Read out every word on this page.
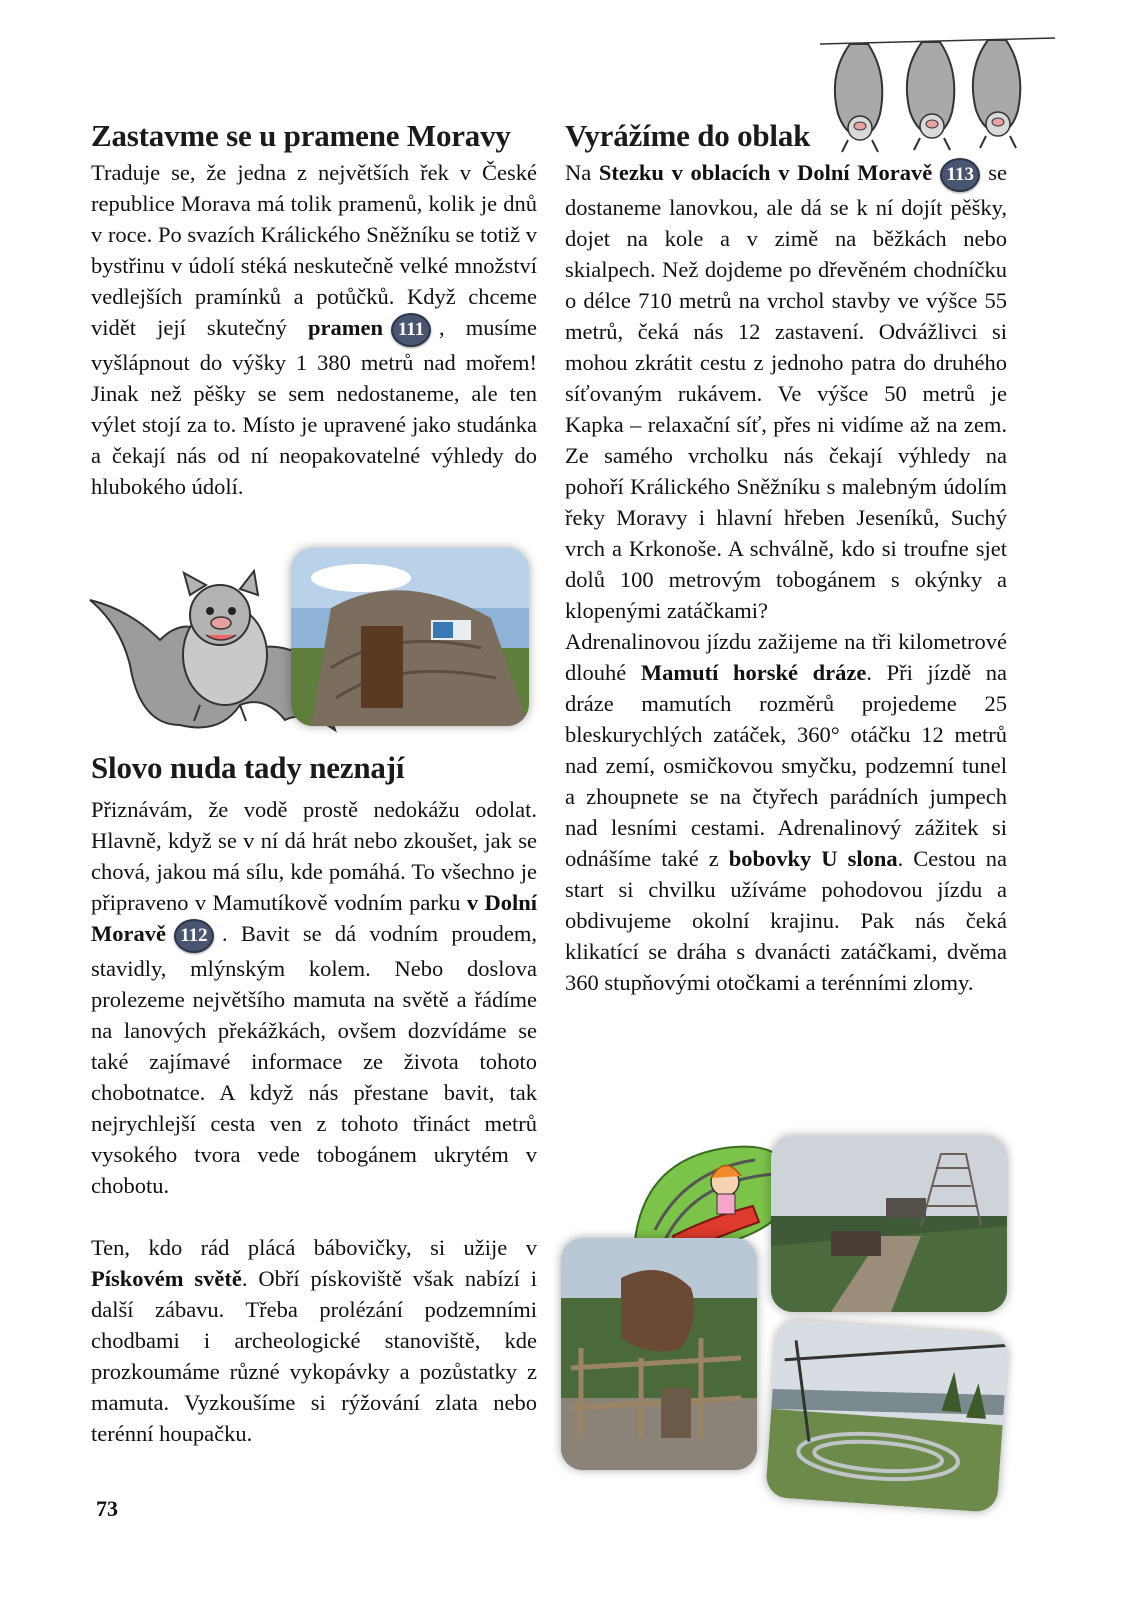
Zastavme se u pramene Moravy

Traduje se, že jedna z největších řek v České republice Morava má tolik pramenů, kolik je dnů v roce. Po svazích Králického Sněžníku se totiž v bystřinu v údolí stéká neskutečně velké množství vedlejších pramínků a potůčků. Když chceme vidět její skutečný pramen 111 , musíme vyšlápnout do výšky 1 380 metrů nad mořem! Jinak než pěšky se sem nedostaneme, ale ten výlet stojí za to. Místo je upravené jako studánka a čekají nás od ní neopakovatelné výhledy do hlubokého údolí.

Slovo nuda tady neznají

Přiznávám, že vodě prostě nedokážu odolat. Hlavně, když se v ní dá hrát nebo zkoušet, jak se chová, jakou má sílu, kde pomáhá. To všechno je připraveno v Mamutíkově vodním parku v Dolní Moravě 112 . Bavit se dá vodním proudem, stavidly, mlýnským kolem. Nebo doslova prolezeme největšího mamuta na světě a řádíme na lanových překážkách, ovšem dozvídáme se také zajímavé informace ze života tohoto chobotnatce. A když nás přestane bavit, tak nejrychlejší cesta ven z tohoto třináct metrů vysokého tvora vede tobogánem ukrytém v chobotu.

Ten, kdo rád plácá bábovičky, si užije v Pískovém světě. Obří pískoviště však nabízí i další zábavu. Třeba prolézání podzemními chodbami i archeologické stanoviště, kde prozkoumáme různé vykopávky a pozůstatky z mamuta. Vyzkoušíme si rýžování zlata nebo terénní houpačku.

Vyrážíme do oblak

Na Stezku v oblacích v Dolní Moravě 113 se dostaneme lanovkou, ale dá se k ní dojít pěšky, dojet na kole a v zimě na běžkách nebo skialpech. Než dojdeme po dřevěném chodníčku o délce 710 metrů na vrchol stavby ve výšce 55 metrů, čeká nás 12 zastavení. Odvážlivci si mohou zkrátit cestu z jednoho patra do druhého síťovaným rukávem. Ve výšce 50 metrů je Kapka – relaxační síť, přes ni vidíme až na zem. Ze samého vrcholku nás čekají výhledy na pohoří Králického Sněžníku s malebným údolím řeky Moravy i hlavní hřeben Jeseníků, Suchý vrch a Krkonoše. A schválně, kdo si troufne sjet dolů 100 metrovým tobogánem s okýnky a klopenými zatáčkami?

Adrenalinovou jízdu zažijeme na tři kilometrové dlouhé Mamutí horské dráze. Při jízdě na dráze mamutích rozměrů projedeme 25 bleskurychlých zatáček, 360° otáčku 12 metrů nad zemí, osmičkovou smyčku, podzemní tunel a zhoupnete se na čtyřech parádních jumpech nad lesními cestami. Adrenalinový zážitek si odnášíme také z bobovky U slona. Cestou na start si chvilku užíváme pohodovou jízdu a obdivujeme okolní krajinu. Pak nás čeká klikatící se dráha s dvanácti zatáčkami, dvěma 360 stupňovými otočkami a terénními zlomy.

73
